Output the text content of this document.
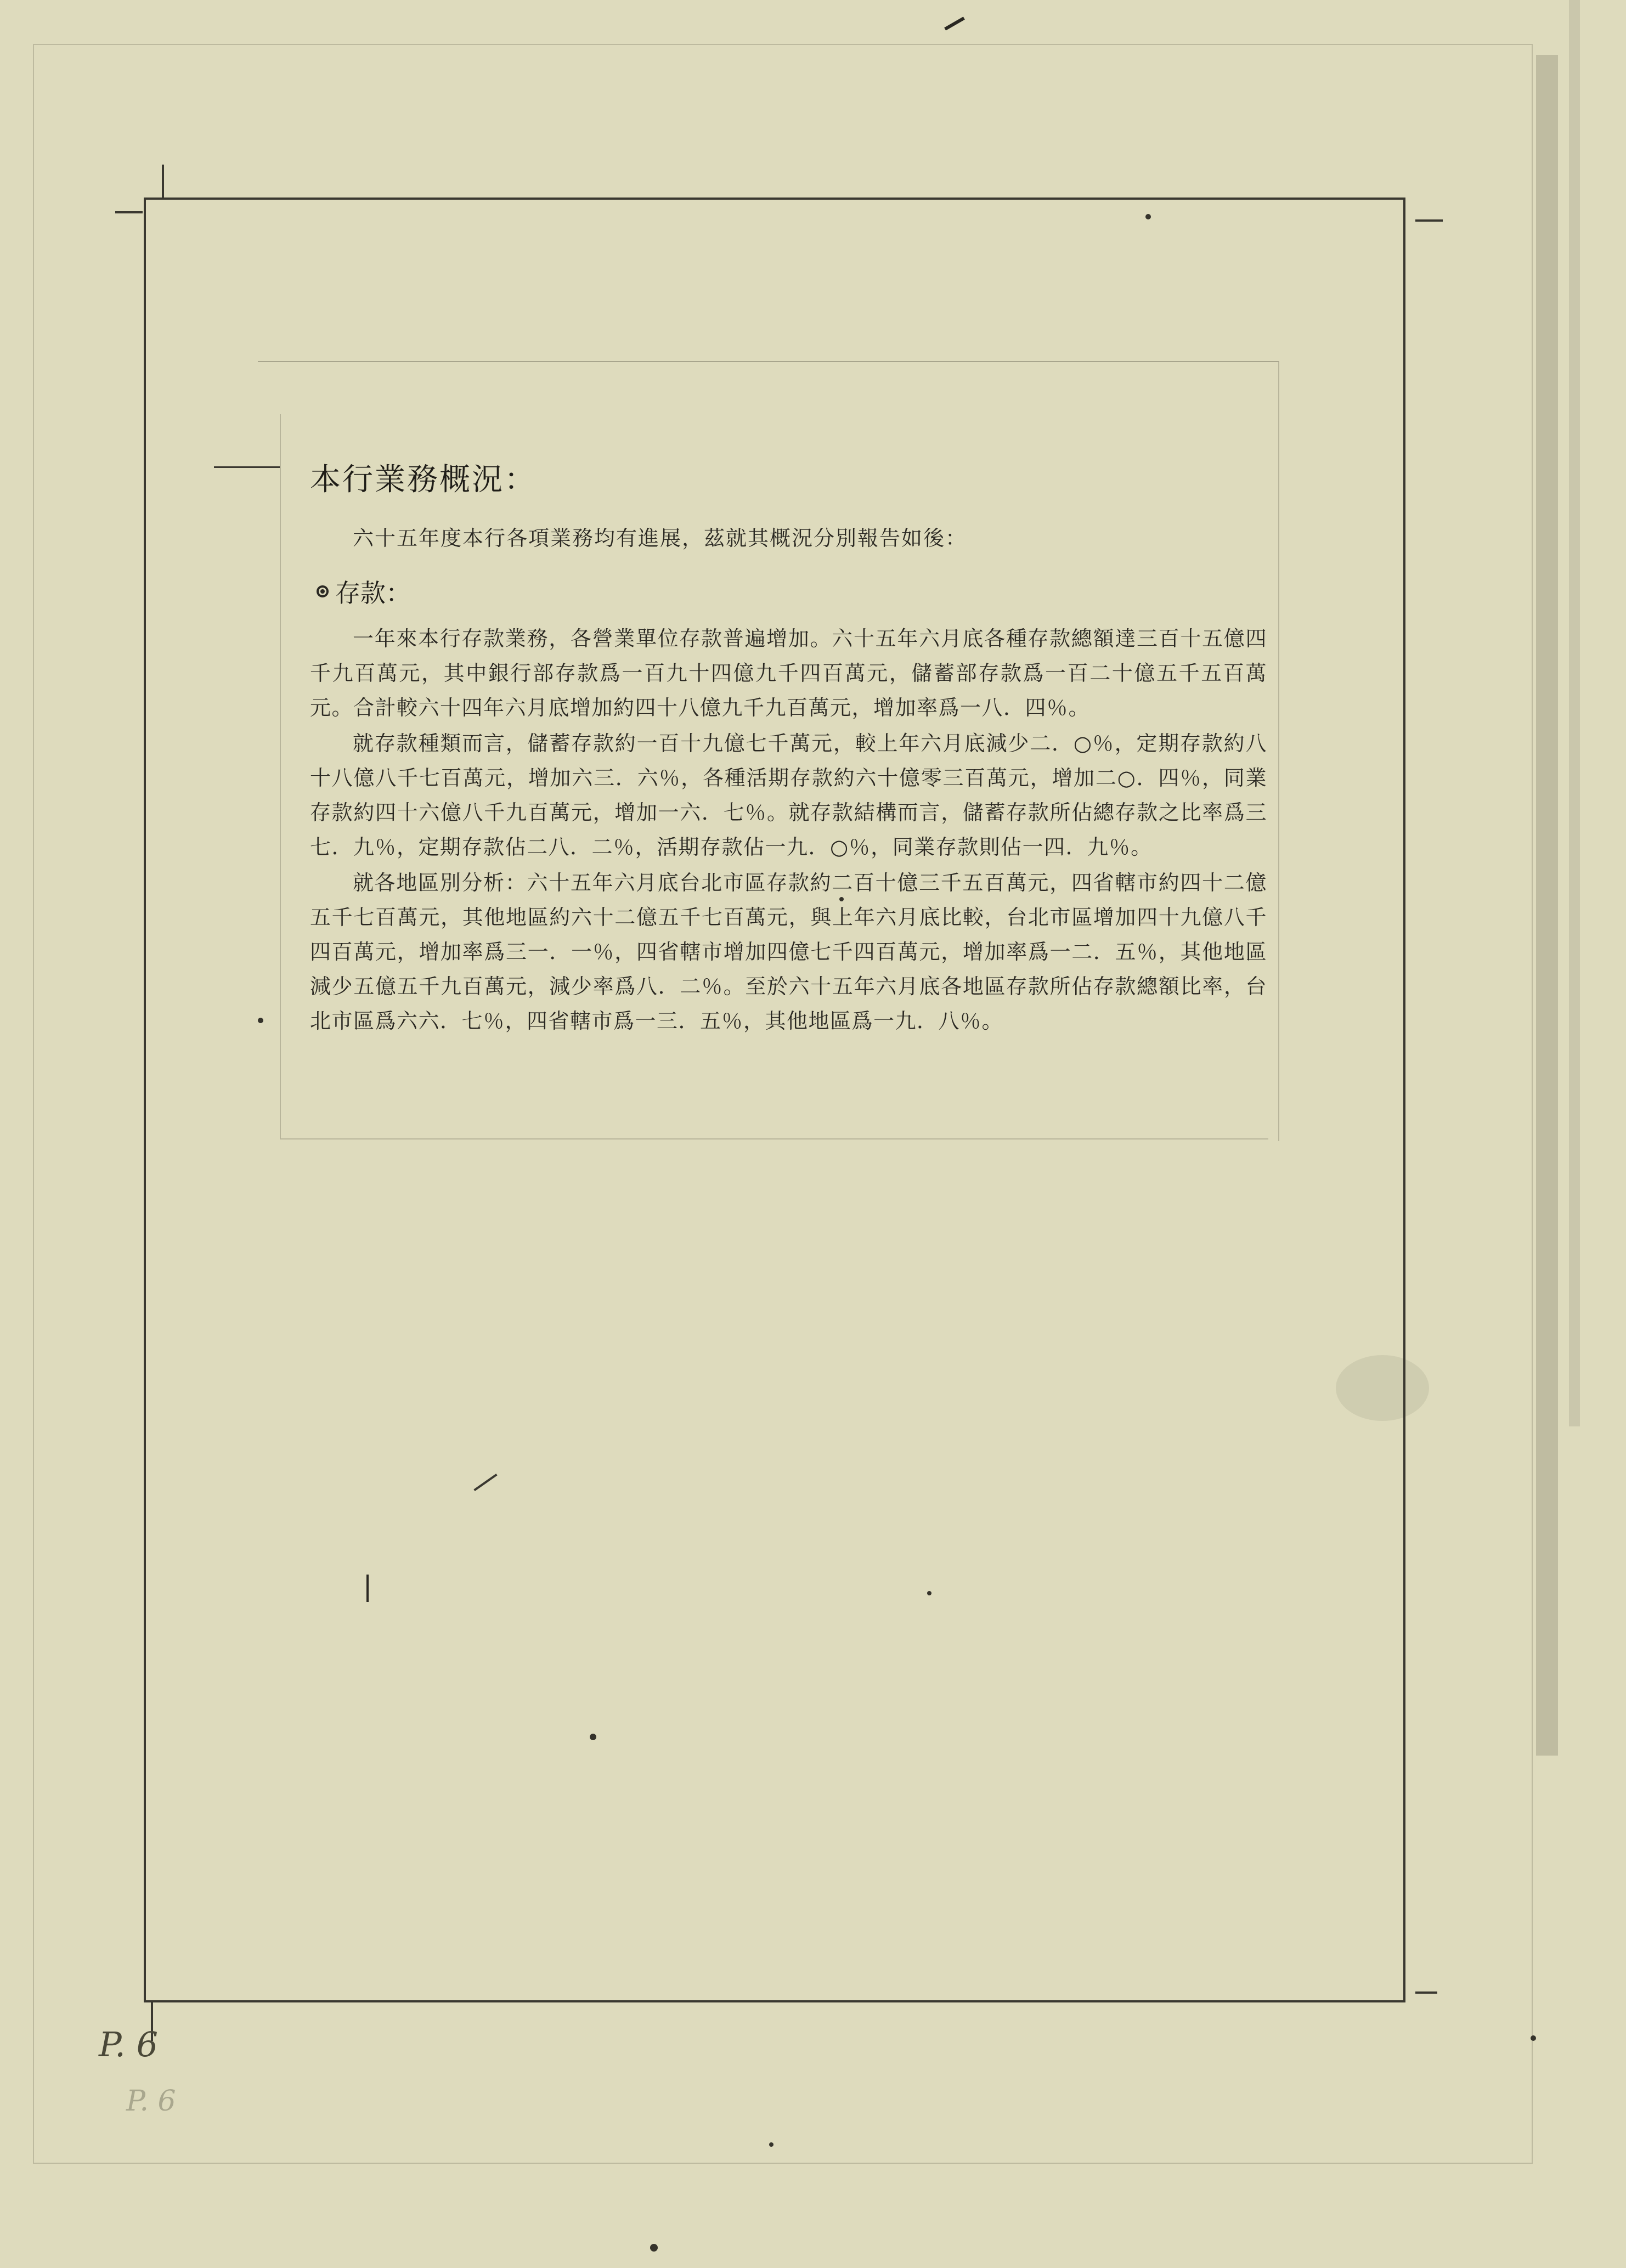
本行業務概況：

六十五年度本行各項業務均有進展，茲就其概況分別報告如後：

存款：

一年來本行存款業務，各營業單位存款普遍增加。六十五年六月底各種存款總額達三百十五億四千九百萬元，其中銀行部存款爲一百九十四億九千四百萬元，儲蓄部存款爲一百二十億五千五百萬元。合計較六十四年六月底增加約四十八億九千九百萬元，增加率爲一八．四％。

就存款種類而言，儲蓄存款約一百十九億七千萬元，較上年六月底減少二．○％，定期存款約八十八億八千七百萬元，增加六三．六％，各種活期存款約六十億零三百萬元，增加二○．四％，同業存款約四十六億八千九百萬元，增加一六．七％。就存款結構而言，儲蓄存款所佔總存款之比率爲三七．九％，定期存款佔二八．二％，活期存款佔一九．○％，同業存款則佔一四．九％。

就各地區別分析：六十五年六月底台北市區存款約二百十億三千五百萬元，四省轄市約四十二億五千七百萬元，其他地區約六十二億五千七百萬元，與上年六月底比較，台北市區增加四十九億八千四百萬元，增加率爲三一．一％，四省轄市增加四億七千四百萬元，增加率爲一二．五％，其他地區減少五億五千九百萬元，減少率爲八．二％。至於六十五年六月底各地區存款所佔存款總額比率，台北市區爲六六．七％，四省轄市爲一三．五％，其他地區爲一九．八％。

P. 6
P. 6
